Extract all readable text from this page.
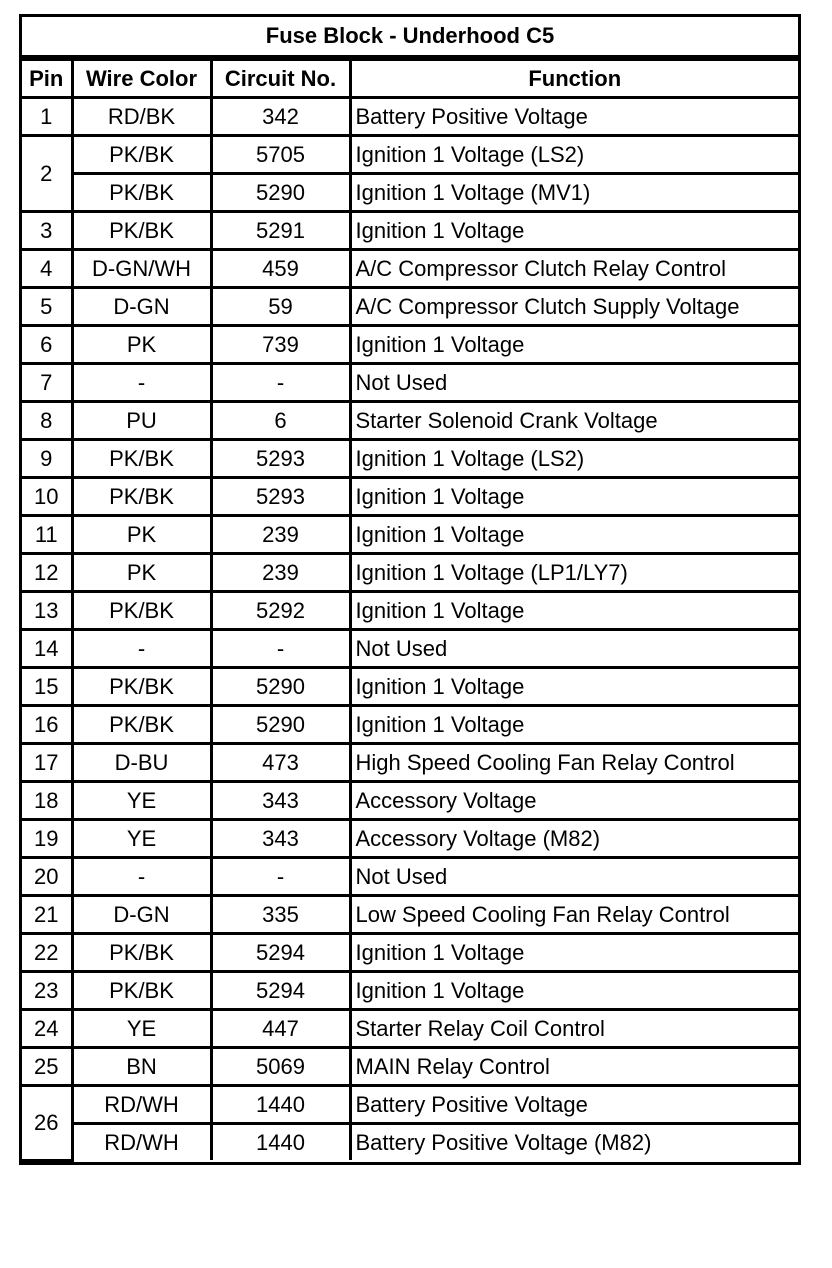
Fuse Block - Underhood C5
Pin	Wire Color	Circuit No.	Function
1	RD/BK	342	Battery Positive Voltage
2	PK/BK	5705	Ignition 1 Voltage (LS2)
	PK/BK	5290	Ignition 1 Voltage (MV1)
3	PK/BK	5291	Ignition 1 Voltage
4	D-GN/WH	459	A/C Compressor Clutch Relay Control
5	D-GN	59	A/C Compressor Clutch Supply Voltage
6	PK	739	Ignition 1 Voltage
7	-	-	Not Used
8	PU	6	Starter Solenoid Crank Voltage
9	PK/BK	5293	Ignition 1 Voltage (LS2)
10	PK/BK	5293	Ignition 1 Voltage
11	PK	239	Ignition 1 Voltage
12	PK	239	Ignition 1 Voltage (LP1/LY7)
13	PK/BK	5292	Ignition 1 Voltage
14	-	-	Not Used
15	PK/BK	5290	Ignition 1 Voltage
16	PK/BK	5290	Ignition 1 Voltage
17	D-BU	473	High Speed Cooling Fan Relay Control
18	YE	343	Accessory Voltage
19	YE	343	Accessory Voltage (M82)
20	-	-	Not Used
21	D-GN	335	Low Speed Cooling Fan Relay Control
22	PK/BK	5294	Ignition 1 Voltage
23	PK/BK	5294	Ignition 1 Voltage
24	YE	447	Starter Relay Coil Control
25	BN	5069	MAIN Relay Control
26	RD/WH	1440	Battery Positive Voltage
	RD/WH	1440	Battery Positive Voltage (M82)
